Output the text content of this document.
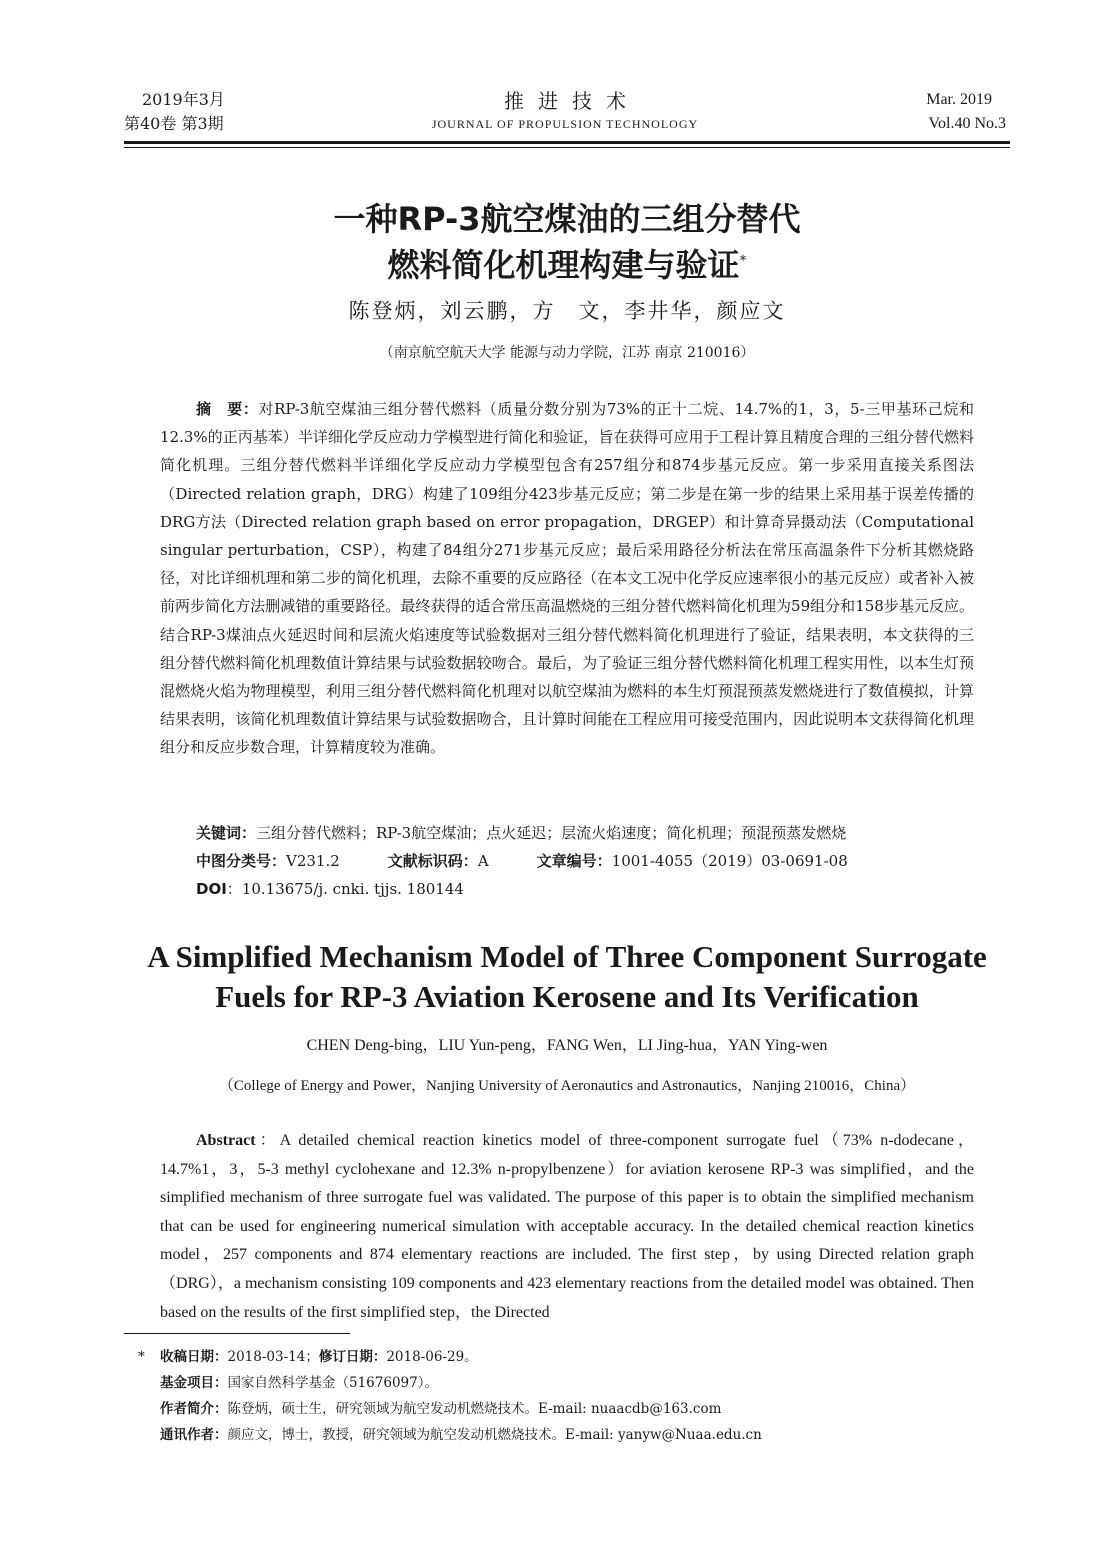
2019年3月
第40卷 第3期
推进技术
JOURNAL OF PROPULSION TECHNOLOGY
Mar. 2019
Vol.40 No.3
一种RP-3航空煤油的三组分替代
燃料简化机理构建与验证*
陈登炳，刘云鹏，方　文，李井华，颜应文
（南京航空航天大学 能源与动力学院，江苏 南京 210016）
摘　要：对RP-3航空煤油三组分替代燃料（质量分数分别为73%的正十二烷、14.7%的1，3，5-三甲基环己烷和12.3%的正丙基苯）半详细化学反应动力学模型进行简化和验证，旨在获得可应用于工程计算且精度合理的三组分替代燃料简化机理。三组分替代燃料半详细化学反应动力学模型包含有257组分和874步基元反应。第一步采用直接关系图法（Directed relation graph，DRG）构建了109组分423步基元反应；第二步是在第一步的结果上采用基于误差传播的DRG方法（Directed relation graph based on error propagation，DRGEP）和计算奇异摄动法（Computational singular perturbation，CSP），构建了84组分271步基元反应；最后采用路径分析法在常压高温条件下分析其燃烧路径，对比详细机理和第二步的简化机理，去除不重要的反应路径（在本文工况中化学反应速率很小的基元反应）或者补入被前两步简化方法删减错的重要路径。最终获得的适合常压高温燃烧的三组分替代燃料简化机理为59组分和158步基元反应。结合RP-3煤油点火延迟时间和层流火焰速度等试验数据对三组分替代燃料简化机理进行了验证，结果表明，本文获得的三组分替代燃料简化机理数值计算结果与试验数据较吻合。最后，为了验证三组分替代燃料简化机理工程实用性，以本生灯预混燃烧火焰为物理模型，利用三组分替代燃料简化机理对以航空煤油为燃料的本生灯预混预蒸发燃烧进行了数值模拟，计算结果表明，该简化机理数值计算结果与试验数据吻合，且计算时间能在工程应用可接受范围内，因此说明本文获得简化机理组分和反应步数合理，计算精度较为准确。
关键词：三组分替代燃料；RP-3航空煤油；点火延迟；层流火焰速度；简化机理；预混预蒸发燃烧
中图分类号：V231.2	文献标识码：A	文章编号：1001-4055（2019）03-0691-08
DOI：10.13675/j. cnki. tjjs. 180144
A Simplified Mechanism Model of Three Component Surrogate
Fuels for RP-3 Aviation Kerosene and Its Verification
CHEN Deng-bing，LIU Yun-peng，FANG Wen，LI Jing-hua，YAN Ying-wen
（College of Energy and Power，Nanjing University of Aeronautics and Astronautics，Nanjing 210016，China）
Abstract：A detailed chemical reaction kinetics model of three-component surrogate fuel（73% n-dodecane，14.7%1，3，5-3 methyl cyclohexane and 12.3% n-propylbenzene）for aviation kerosene RP-3 was simplified，and the simplified mechanism of three surrogate fuel was validated. The purpose of this paper is to obtain the simplified mechanism that can be used for engineering numerical simulation with acceptable accuracy. In the detailed chemical reaction kinetics model，257 components and 874 elementary reactions are included. The first step，by using Directed relation graph（DRG），a mechanism consisting 109 components and 423 elementary reactions from the detailed model was obtained. Then based on the results of the first simplified step，the Directed
* 收稿日期：2018-03-14；修订日期：2018-06-29。
基金项目：国家自然科学基金（51676097）。
作者简介：陈登炳，硕士生，研究领域为航空发动机燃烧技术。E-mail: nuaacdb@163.com
通讯作者：颜应文，博士，教授，研究领域为航空发动机燃烧技术。E-mail: yanyw@Nuaa.edu.cn
